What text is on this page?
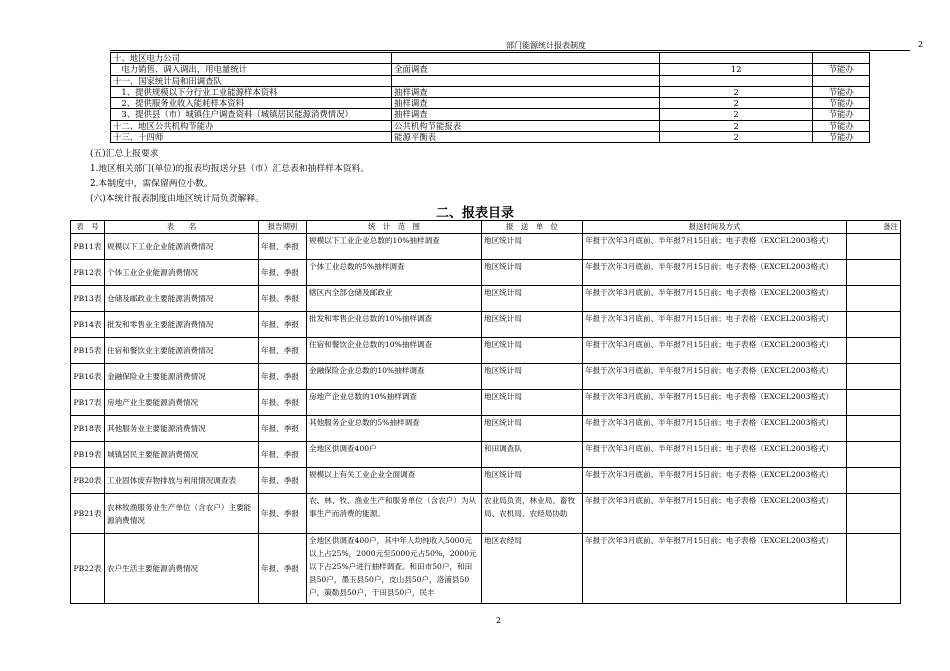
部门能源统计报表制度	2
十、地区电力公司			
　电力销售、调入调出，用电量统计	全面调查	12	节能办
十一、国家统计局和田调查队			
　1、提供规模以下分行业工业能源样本资料	抽样调查	2	节能办
　2、提供服务业收入能耗样本资料	抽样调查	2	节能办
　3、提供县（市）城镇住户调查资料（城镇居民能源消费情况）	抽样调查	2	节能办
十二、地区公共机构节能办	公共机构节能报表	2	节能办
十三、十四师	能源平衡表	2	节能办
(五)汇总上报要求
1.地区相关部门(单位)的报表均报送分县（市）汇总表和抽样样本资料。
2.本制度中，需保留两位小数。
(六)本统计报表制度由地区统计局负责解释。
二、报表目录
表　号	表　　名	报告期别	统　计　范　围	报　送　单　位	报送时间及方式	备注
PB11表	规模以下工业企业能源消费情况	年报、季报	规模以下工业企业总数的10%抽样调查	地区统计局	年报于次年3月底前、半年报7月15日前；电子表格（EXCEL2003格式）	
PB12表	个体工业企业能源消费情况	年报、季报	个体工业总数的5%抽样调查	地区统计局	年报于次年3月底前、半年报7月15日前；电子表格（EXCEL2003格式）	
PB13表	仓储及邮政业主要能源消费情况	年报、季报	辖区内全部仓储及邮政业	地区统计局	年报于次年3月底前、半年报7月15日前；电子表格（EXCEL2003格式）	
PB14表	批发和零售业主要能源消费情况	年报、季报	批发和零售企业总数的10%抽样调查	地区统计局	年报于次年3月底前、半年报7月15日前；电子表格（EXCEL2003格式）	
PB15表	住宿和餐饮业主要能源消费情况	年报、季报	住宿和餐饮企业总数的10%抽样调查	地区统计局	年报于次年3月底前、半年报7月15日前；电子表格（EXCEL2003格式）	
PB16表	金融保险业主要能源消费情况	年报、季报	金融保险企业总数的10%抽样调查	地区统计局	年报于次年3月底前、半年报7月15日前；电子表格（EXCEL2003格式）	
PB17表	房地产业主要能源消费情况	年报、季报	房地产企业总数的10%抽样调查	地区统计局	年报于次年3月底前、半年报7月15日前；电子表格（EXCEL2003格式）	
PB18表	其他服务业主要能源消费情况	年报、季报	其他服务企业总数的5%抽样调查	地区统计局	年报于次年3月底前、半年报7月15日前；电子表格（EXCEL2003格式）	
PB19表	城镇居民主要能源消费情况	年报、季报	全地区供调查400户	和田调查队	年报于次年3月底前、半年报7月15日前；电子表格（EXCEL2003格式）	
PB20表	工业固体废弃物排放与利用情况调查表	年报、季报	规模以上有关工业企业全面调查	地区统计局	年报于次年3月底前、半年报7月15日前；电子表格（EXCEL2003格式）	
PB21表	农林牧渔服务业生产单位（含农户）主要能源消费情况	年报、季报	农、林、牧、渔业生产和服务单位（含农户）为从事生产而消费的能源。	农业局负责，林业局、畜牧局、农机局、农经局协助	年报于次年3月底前、半年报7月15日前；电子表格（EXCEL2003格式）	
PB22表	农户生活主要能源消费情况	年报、季报	全地区供调查400户，其中年人均纯收入5000元以上占25%，2000元至5000元占50%，2000元以下占25%户进行抽样调查。和田市50户，和田县50户，墨玉县50户，皮山县50户，洛浦县50户，策勒县50户，于田县50户，民丰	地区农经局	年报于次年3月底前、半年报7月15日前；电子表格（EXCEL2003格式）	
2
